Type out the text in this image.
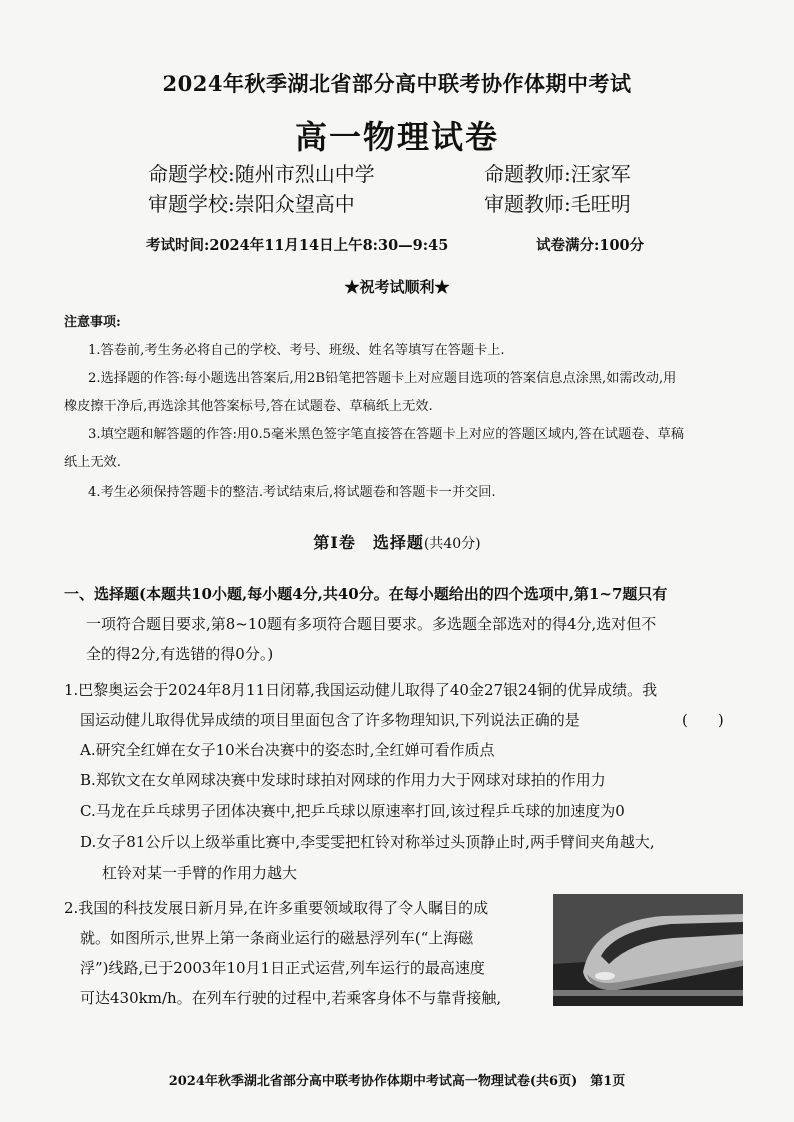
2024年秋季湖北省部分高中联考协作体期中考试
高一物理试卷
命题学校:随州市烈山中学	命题教师:汪家军
审题学校:崇阳众望高中	审题教师:毛旺明
考试时间:2024年11月14日上午8:30—9:45	试卷满分:100分
★祝考试顺利★
注意事项:
1.答卷前,考生务必将自己的学校、考号、班级、姓名等填写在答题卡上.
2.选择题的作答:每小题选出答案后,用2B铅笔把答题卡上对应题目选项的答案信息点涂黑,如需改动,用
橡皮擦干净后,再选涂其他答案标号,答在试题卷、草稿纸上无效.
3.填空题和解答题的作答:用0.5毫米黑色签字笔直接答在答题卡上对应的答题区域内,答在试题卷、草稿
纸上无效.
4.考生必须保持答题卡的整洁.考试结束后,将试题卷和答题卡一并交回.
第Ⅰ卷　选择题(共40分)
一、选择题(本题共10小题,每小题4分,共40分。在每小题给出的四个选项中,第1~7题只有
一项符合题目要求,第8~10题有多项符合题目要求。多选题全部选对的得4分,选对但不
全的得2分,有选错的得0分。)
1.巴黎奥运会于2024年8月11日闭幕,我国运动健儿取得了40金27银24铜的优异成绩。我
国运动健儿取得优异成绩的项目里面包含了许多物理知识,下列说法正确的是	(　　)
A.研究全红婵在女子10米台决赛中的姿态时,全红婵可看作质点
B.郑钦文在女单网球决赛中发球时球拍对网球的作用力大于网球对球拍的作用力
C.马龙在乒乓球男子团体决赛中,把乒乓球以原速率打回,该过程乒乓球的加速度为0
D.女子81公斤以上级举重比赛中,李雯雯把杠铃对称举过头顶静止时,两手臂间夹角越大,
杠铃对某一手臂的作用力越大
2.我国的科技发展日新月异,在许多重要领域取得了令人瞩目的成
就。如图所示,世界上第一条商业运行的磁悬浮列车(“上海磁
浮”)线路,已于2003年10月1日正式运营,列车运行的最高速度
可达430km/h。在列车行驶的过程中,若乘客身体不与靠背接触,
2024年秋季湖北省部分高中联考协作体期中考试高一物理试卷(共6页)　第1页
